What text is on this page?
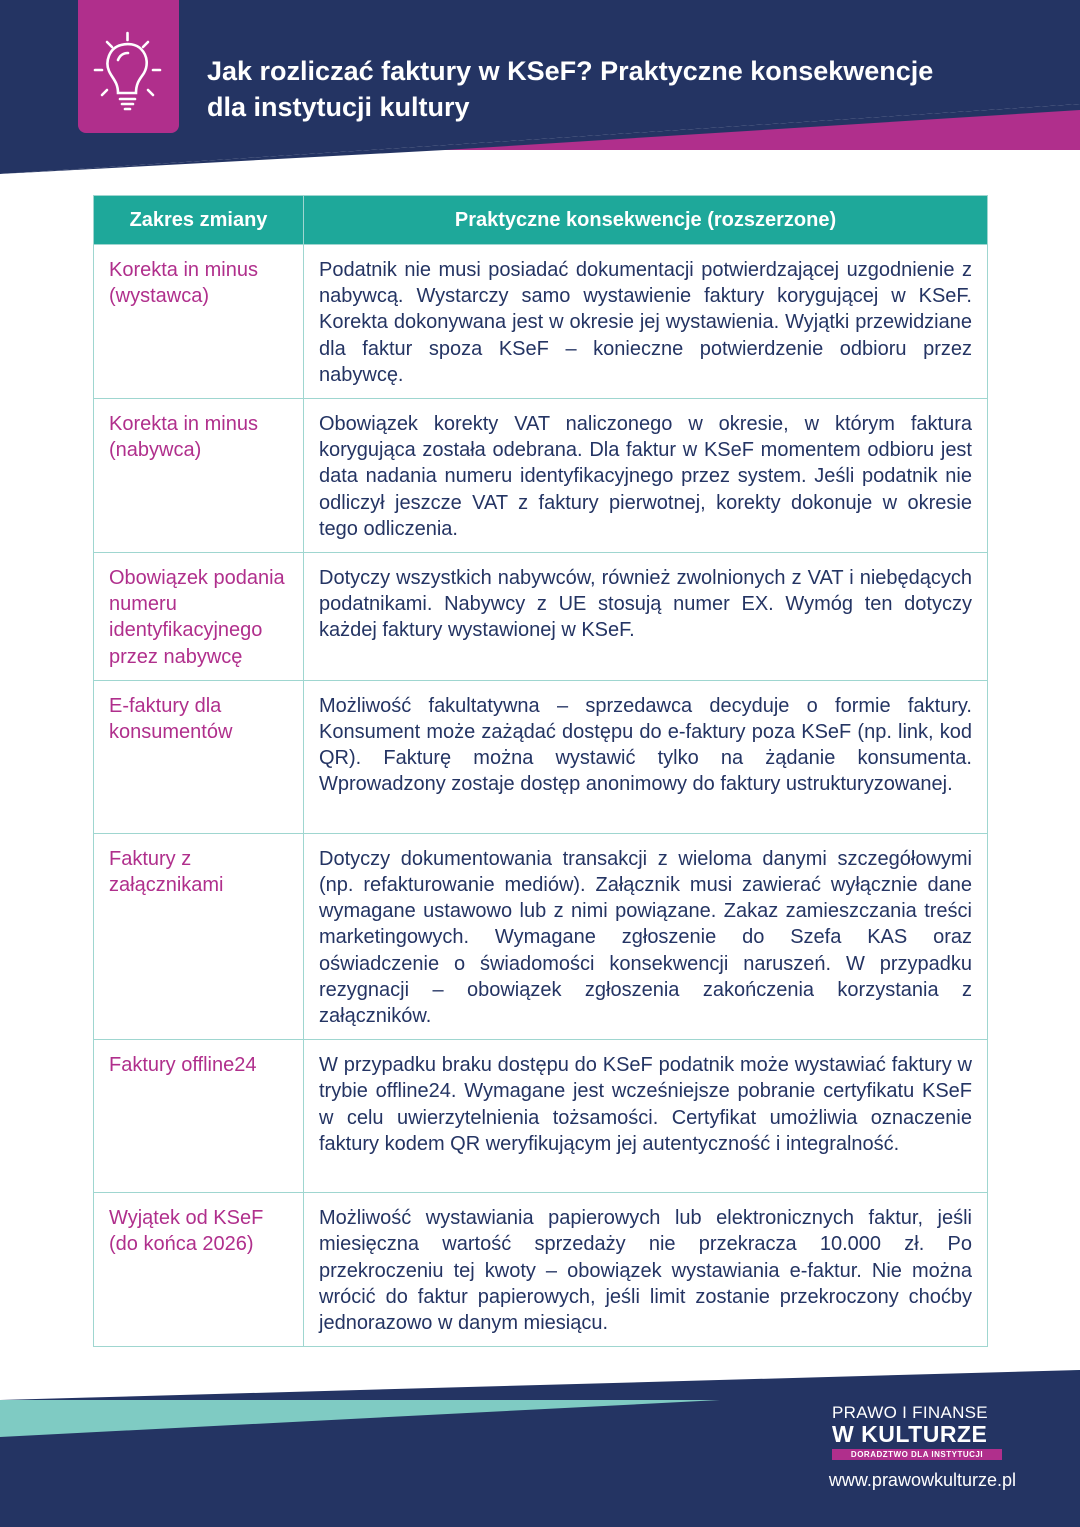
Jak rozliczać faktury w KSeF? Praktyczne konsekwencje
dla instytucji kultury
Zakres zmiany	Praktyczne konsekwencje (rozszerzone)
Korekta in minus (wystawca)	Podatnik nie musi posiadać dokumentacji potwierdzającej uzgodnienie z nabywcą. Wystarczy samo wystawienie faktury korygującej w KSeF. Korekta dokonywana jest w okresie jej wystawienia. Wyjątki przewidziane dla faktur spoza KSeF – konieczne potwierdzenie odbioru przez nabywcę.
Korekta in minus (nabywca)	Obowiązek korekty VAT naliczonego w okresie, w którym faktura korygująca została odebrana. Dla faktur w KSeF momentem odbioru jest data nadania numeru identyfikacyjnego przez system. Jeśli podatnik nie odliczył jeszcze VAT z faktury pierwotnej, korekty dokonuje w okresie tego odliczenia.
Obowiązek podania numeru identyfikacyjnego przez nabywcę	Dotyczy wszystkich nabywców, również zwolnionych z VAT i niebędących podatnikami. Nabywcy z UE stosują numer EX. Wymóg ten dotyczy każdej faktury wystawionej w KSeF.
E-faktury dla konsumentów	Możliwość fakultatywna – sprzedawca decyduje o formie faktury. Konsument może zażądać dostępu do e-faktury poza KSeF (np. link, kod QR). Fakturę można wystawić tylko na żądanie konsumenta. Wprowadzony zostaje dostęp anonimowy do faktury ustrukturyzowanej.
Faktury z załącznikami	Dotyczy dokumentowania transakcji z wieloma danymi szczegółowymi (np. refakturowanie mediów). Załącznik musi zawierać wyłącznie dane wymagane ustawowo lub z nimi powiązane. Zakaz zamieszczania treści marketingowych. Wymagane zgłoszenie do Szefa KAS oraz oświadczenie o świadomości konsekwencji naruszeń. W przypadku rezygnacji – obowiązek zgłoszenia zakończenia korzystania z załączników.
Faktury offline24	W przypadku braku dostępu do KSeF podatnik może wystawiać faktury w trybie offline24. Wymagane jest wcześniejsze pobranie certyfikatu KSeF w celu uwierzytelnienia tożsamości. Certyfikat umożliwia oznaczenie faktury kodem QR weryfikującym jej autentyczność i integralność.
Wyjątek od KSeF (do końca 2026)	Możliwość wystawiania papierowych lub elektronicznych faktur, jeśli miesięczna wartość sprzedaży nie przekracza 10.000 zł. Po przekroczeniu tej kwoty – obowiązek wystawiania e-faktur. Nie można wrócić do faktur papierowych, jeśli limit zostanie przekroczony choćby jednorazowo w danym miesiącu.
PRAWO I FINANSE
W KULTURZE
DORADZTWO DLA INSTYTUCJI
www.prawowkulturze.pl
